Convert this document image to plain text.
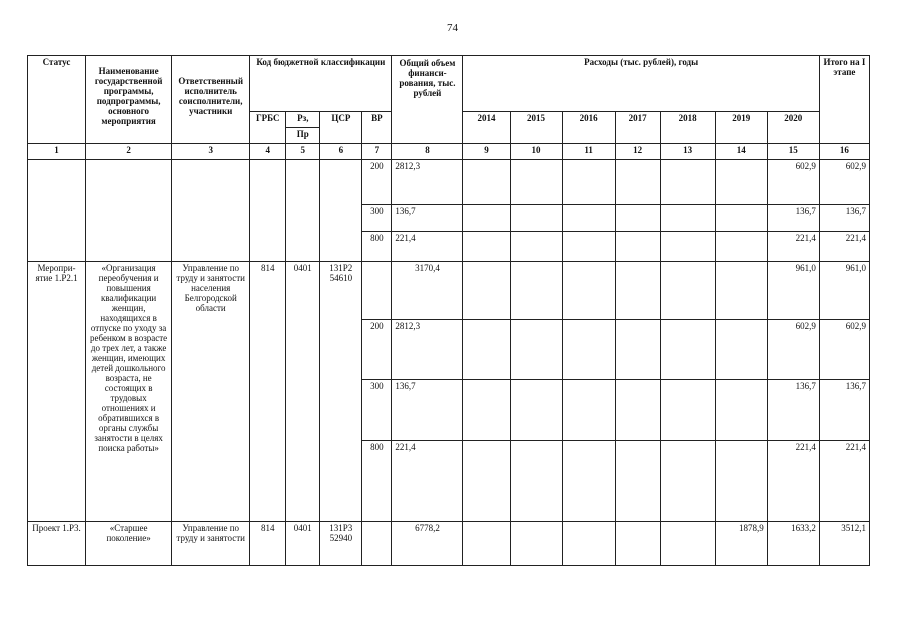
74
Статус	Наименование государственной программы, подпрограммы, основного мероприятия	Ответственный исполнитель соисполнители, участники	Код бюджетной классификации				Общий объем финанси-рования, тыс. рублей	Расходы (тыс. рублей), годы							Итого на I этапе
			ГРБС	Рз,	ЦСР	ВР		2014	2015	2016	2017	2018	2019	2020	
				Пр											
1	2	3	4	5	6	7	8	9	10	11	12	13	14	15	16
						200	2812,3							602,9	602,9
						300	136,7							136,7	136,7
						800	221,4							221,4	221,4
Меропри-ятие 1.Р2.1	«Организация переобучения и повышения квалификации женщин, находящихся в отпуске по уходу за ребенком в возрасте до трех лет, а также женщин, имеющих детей дошкольного возраста, не состоящих в трудовых отношениях и обратившихся в органы службы занятости в целях поиска работы»	Управление по труду и занятости населения Белгородской области	814	0401	131Р2 54610		3170,4							961,0	961,0
						200	2812,3							602,9	602,9
						300	136,7							136,7	136,7
						800	221,4							221,4	221,4
Проект 1.Р3.	«Старшее поколение»	Управление по труду и занятости	814	0401	131Р3 52940		6778,2						1878,9	1633,2	3512,1
